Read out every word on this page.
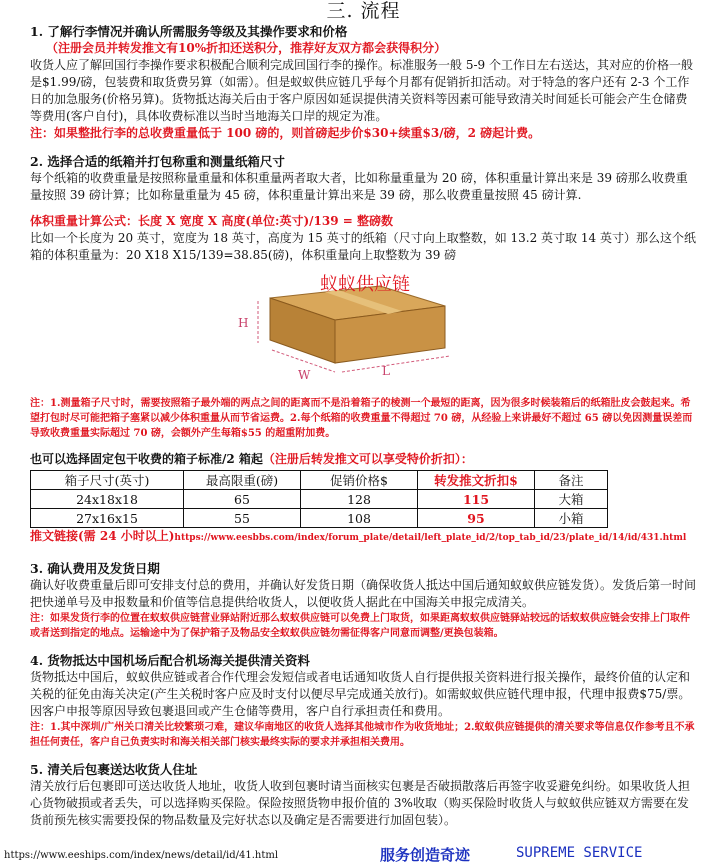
三. 流程
1. 了解行李情况并确认所需服务等级及其操作要求和价格

（注册会员并转发推文有10%折扣还送积分，推荐好友双方都会获得积分）

收货人应了解回国行李操作要求积极配合顺利完成回国行李的操作。标准服务一般 5-9 个工作日左右送达，其对应的价格一般是$1.99/磅，包装费和取货费另算（如需）。但是蚁蚁供应链几乎每个月都有促销折扣活动。对于特急的客户还有 2-3 个工作日的加急服务(价格另算)。货物抵达海关后由于客户原因如延误提供清关资料等因素可能导致清关时间延长可能会产生仓储费等费用(客户自付)，具体收费标准以当时当地海关口岸的规定为准。

注：如果整批行李的总收费重量低于 100 磅的，则首磅起步价$30+续重$3/磅，2 磅起计费。

2. 选择合适的纸箱并打包称重和测量纸箱尺寸

每个纸箱的收费重量是按照称量重量和体积重量两者取大者，比如称量重量为 20 磅，体积重量计算出来是 39 磅那么收费重量按照 39 磅计算；比如称量重量为 45 磅，体积重量计算出来是 39 磅，那么收费重量按照 45 磅计算.

体积重量计算公式：长度 X 宽度 X 高度(单位:英寸)/139 = 整磅数

比如一个长度为 20 英寸，宽度为 18 英寸，高度为 15 英寸的纸箱（尺寸向上取整数，如 13.2 英寸取 14 英寸）那么这个纸箱的体积重量为：20 X18 X15/139=38.85(磅)，体积重量向上取整数为 39 磅

蚁蚁供应链
H
W	L

注：1.测量箱子尺寸时，需要按照箱子最外端的两点之间的距离而不是沿着箱子的棱测一个最短的距离，因为很多时候装箱后的纸箱肚皮会鼓起来。希望打包时尽可能把箱子塞紧以减少体积重量从而节省运费。2.每个纸箱的收费重量不得超过 70 磅，从经验上来讲最好不超过 65 磅以免因测量误差而导致收费重量实际超过 70 磅，会额外产生每箱$55 的超重附加费。

也可以选择固定包干收费的箱子标准/2 箱起（注册后转发推文可以享受特价折扣）：

箱子尺寸(英寸)	最高限重(磅)	促销价格$	转发推文折扣$	备注
24x18x18	65	128	115	大箱
27x16x15	55	108	95	小箱

推文链接(需 24 小时以上)https://www.eesbbs.com/index/forum_plate/detail/left_plate_id/2/top_tab_id/23/plate_id/14/id/431.html

3. 确认费用及发货日期

确认好收费重量后即可安排支付总的费用，并确认好发货日期（确保收货人抵达中国后通知蚁蚁供应链发货）。发货后第一时间把快递单号及申报数量和价值等信息提供给收货人，以便收货人据此在中国海关申报完成清关。

注：如果发货行李的位置在蚁蚁供应链营业驿站附近那么蚁蚁供应链可以免费上门取货，如果距离蚁蚁供应链驿站较远的话蚁蚁供应链会安排上门取件或者送到指定的地点。运输途中为了保护箱子及物品安全蚁蚁供应链勿需征得客户同意而调整/更换包装箱。

4. 货物抵达中国机场后配合机场海关提供清关资料

货物抵达中国后，蚁蚁供应链或者合作代理会发短信或者电话通知收货人自行提供报关资料进行报关操作，最终价值的认定和关税的征免由海关决定(产生关税时客户应及时支付以便尽早完成通关放行)。如需蚁蚁供应链代理申报，代理申报费$75/票。因客户申报等原因导致包裹退回或产生仓储等费用，客户自行承担责任和费用。

注：1.其中深圳/广州关口清关比较繁琐刁难，建议华南地区的收货人选择其他城市作为收货地址；2.蚁蚁供应链提供的清关要求等信息仅作参考且不承担任何责任，客户自己负责实时和海关相关部门核实最终实际的要求并承担相关费用。

5. 清关后包裹送达收货人住址

清关放行后包裹即可送达收货人地址，收货人收到包裹时请当面核实包裹是否破损散落后再签字收妥避免纠纷。如果收货人担心货物破损或者丢失，可以选择购买保险。保险按照货物申报价值的 3%收取（购买保险时收货人与蚁蚁供应链双方需要在发货前预先核实需要投保的物品数量及完好状态以及确定是否需要进行加固包装）。

https://www.eeships.com/index/news/detail/id/41.html	服务创造奇迹	SUPREME SERVICE
